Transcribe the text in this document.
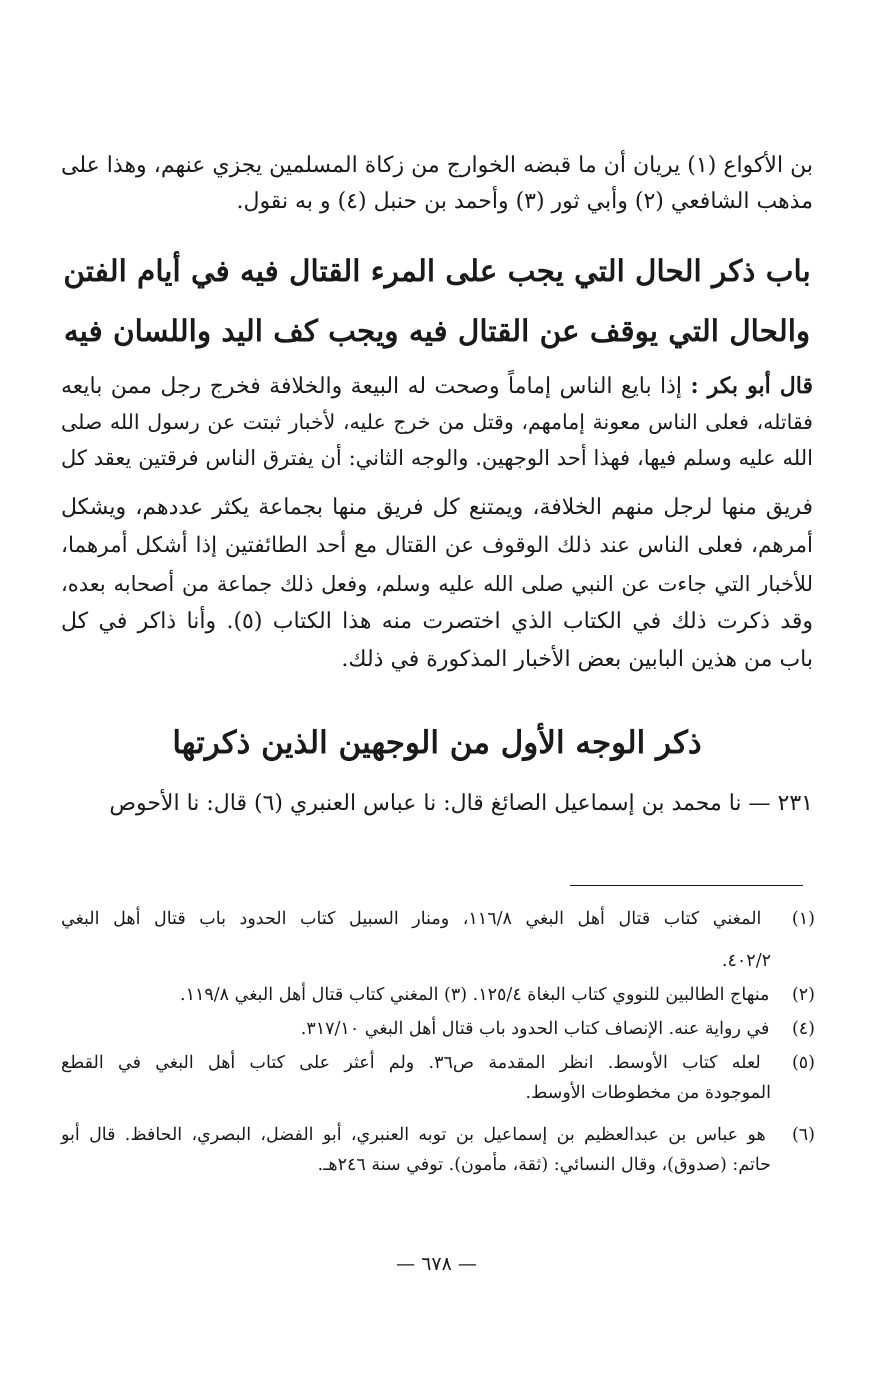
بن الأكواع (١) يريان أن ما قبضه الخوارج من زكاة المسلمين يجزي عنهم، وهذا على
مذهب الشافعي (٢) وأبي ثور (٣) وأحمد بن حنبل (٤) و به نقول.
باب ذكر الحال التي يجب على المرء القتال فيه في أيام الفتن
والحال التي يوقف عن القتال فيه ويجب كف اليد واللسان فيه
قال أبو بكر : إذا بايع الناس إماماً وصحت له البيعة والخلافة فخرج رجل ممن بايعه
فقاتله، فعلى الناس معونة إمامهم، وقتل من خرج عليه، لأخبار ثبتت عن رسول الله صلى
الله عليه وسلم فيها، فهذا أحد الوجهين. والوجه الثاني: أن يفترق الناس فرقتين يعقد كل
فريق منها لرجل منهم الخلافة، ويمتنع كل فريق منها بجماعة يكثر عددهم، ويشكل
أمرهم، فعلى الناس عند ذلك الوقوف عن القتال مع أحد الطائفتين إذا أشكل أمرهما،
للأخبار التي جاءت عن النبي صلى الله عليه وسلم، وفعل ذلك جماعة من أصحابه بعده،
وقد ذكرت ذلك في الكتاب الذي اختصرت منه هذا الكتاب (٥). وأنا ذاكر في كل
باب من هذين البابين بعض الأخبار المذكورة في ذلك.
ذكر الوجه الأول من الوجهين الذين ذكرتها
٢٣١ — نا محمد بن إسماعيل الصائغ قال: نا عباس العنبري (٦) قال: نا الأحوص
(١) المغني كتاب قتال أهل البغي ١١٦/٨، ومنار السبيل كتاب الحدود باب قتال أهل البغي
٤٠٢/٢.
(٢) منهاج الطالبين للنووي كتاب البغاة ١٢٥/٤. (٣) المغني كتاب قتال أهل البغي ١١٩/٨.
(٤) في رواية عنه. الإنصاف كتاب الحدود باب قتال أهل البغي ٣١٧/١٠.
(٥) لعله كتاب الأوسط. انظر المقدمة ص٣٦. ولم أعثر على كتاب أهل البغي في القطع
الموجودة من مخطوطات الأوسط.
(٦) هو عباس بن عبدالعظيم بن إسماعيل بن توبه العنبري، أبو الفضل، البصري، الحافظ. قال أبو
حاتم: (صدوق)، وقال النسائي: (ثقة، مأمون). توفي سنة ٢٤٦هـ.
— ٦٧٨ —
